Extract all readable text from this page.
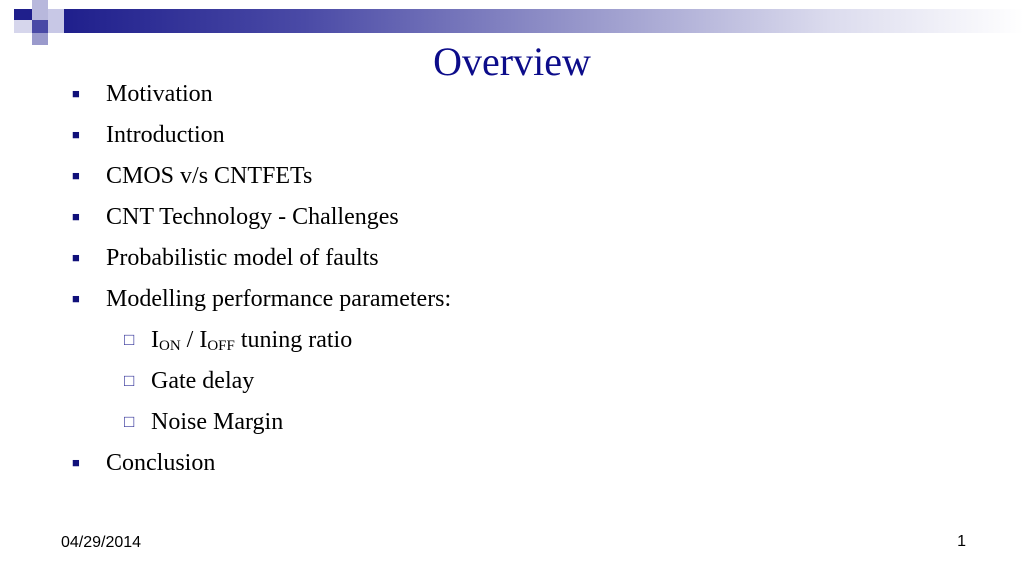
Overview
■ Motivation
■ Introduction
■ CMOS v/s CNTFETs
■ CNT Technology - Challenges
■ Probabilistic model of faults
■ Modelling performance parameters:
□ $I_{ON} / I_{OFF}$ tuning ratio
□ Gate delay
□ Noise Margin
■ Conclusion
04/29/2014	1
